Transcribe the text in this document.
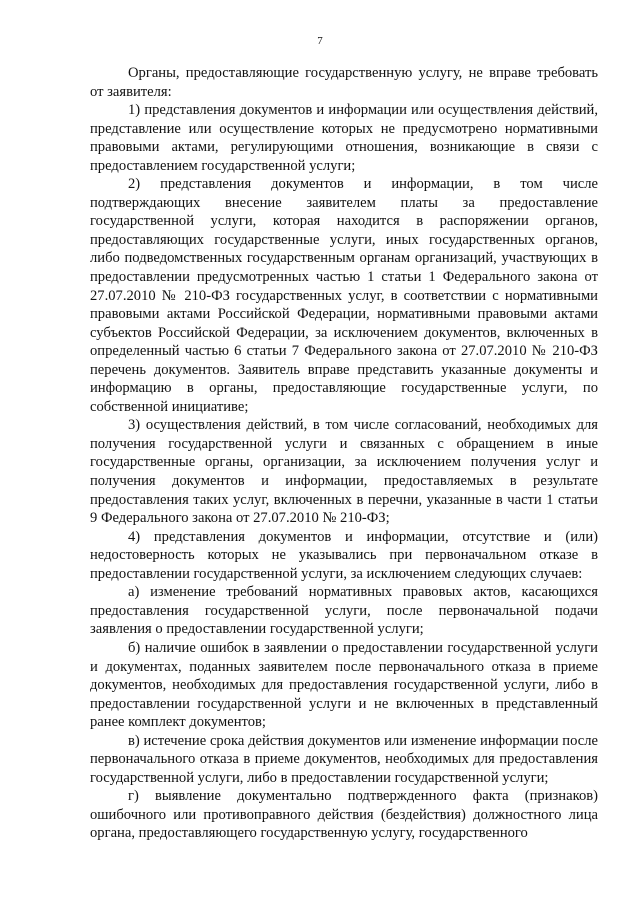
7

Органы, предоставляющие государственную услугу, не вправе требовать от заявителя:

1) представления документов и информации или осуществления действий, представление или осуществление которых не предусмотрено нормативными правовыми актами, регулирующими отношения, возникающие в связи с предоставлением государственной услуги;

2) представления документов и информации, в том числе подтверждающих внесение заявителем платы за предоставление государственной услуги, которая находится в распоряжении органов, предоставляющих государственные услуги, иных государственных органов, либо подведомственных государственным органам организаций, участвующих в предоставлении предусмотренных частью 1 статьи 1 Федерального закона от 27.07.2010 № 210-ФЗ государственных услуг, в соответствии с нормативными правовыми актами Российской Федерации, нормативными правовыми актами субъектов Российской Федерации, за исключением документов, включенных в определенный частью 6 статьи 7 Федерального закона от 27.07.2010 № 210-ФЗ перечень документов. Заявитель вправе представить указанные документы и информацию в органы, предоставляющие государственные услуги, по собственной инициативе;

3) осуществления действий, в том числе согласований, необходимых для получения государственной услуги и связанных с обращением в иные государственные органы, организации, за исключением получения услуг и получения документов и информации, предоставляемых в результате предоставления таких услуг, включенных в перечни, указанные в части 1 статьи 9 Федерального закона от 27.07.2010 № 210-ФЗ;

4) представления документов и информации, отсутствие и (или) недостоверность которых не указывались при первоначальном отказе в предоставлении государственной услуги, за исключением следующих случаев:

а) изменение требований нормативных правовых актов, касающихся предоставления государственной услуги, после первоначальной подачи заявления о предоставлении государственной услуги;

б) наличие ошибок в заявлении о предоставлении государственной услуги и документах, поданных заявителем после первоначального отказа в приеме документов, необходимых для предоставления государственной услуги, либо в предоставлении государственной услуги и не включенных в представленный ранее комплект документов;

в) истечение срока действия документов или изменение информации после первоначального отказа в приеме документов, необходимых для предоставления государственной услуги, либо в предоставлении государственной услуги;

г) выявление документально подтвержденного факта (признаков) ошибочного или противоправного действия (бездействия) должностного лица органа, предоставляющего государственную услугу, государственного
